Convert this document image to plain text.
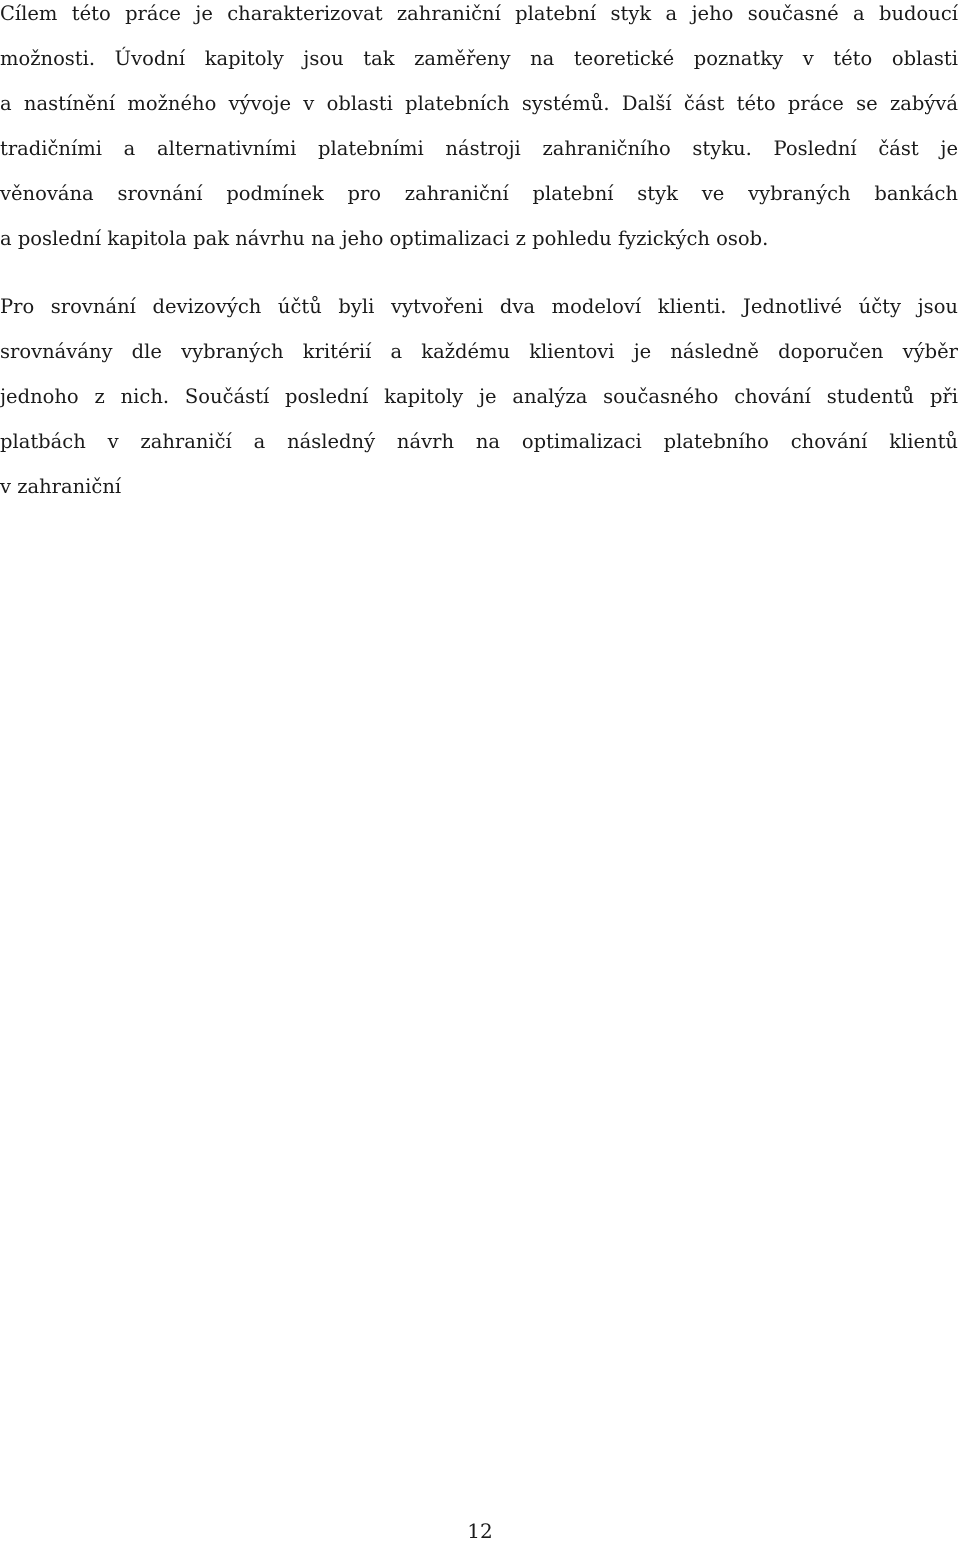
Cílem této práce je charakterizovat zahraniční platební styk a jeho současné a budoucí
možnosti. Úvodní kapitoly jsou tak zaměřeny na teoretické poznatky v této oblasti
a nastínění možného vývoje v oblasti platebních systémů. Další část této práce se zabývá
tradičními a alternativními platebními nástroji zahraničního styku. Poslední část je
věnována srovnání podmínek pro zahraniční platební styk ve vybraných bankách
a poslední kapitola pak návrhu na jeho optimalizaci z pohledu fyzických osob.
Pro srovnání devizových účtů byli vytvořeni dva modeloví klienti. Jednotlivé účty jsou
srovnávány dle vybraných kritérií a každému klientovi je následně doporučen výběr
jednoho z nich. Součástí poslední kapitoly je analýza současného chování studentů při
platbách v zahraničí a následný návrh na optimalizaci platebního chování klientů
v zahraniční
12
